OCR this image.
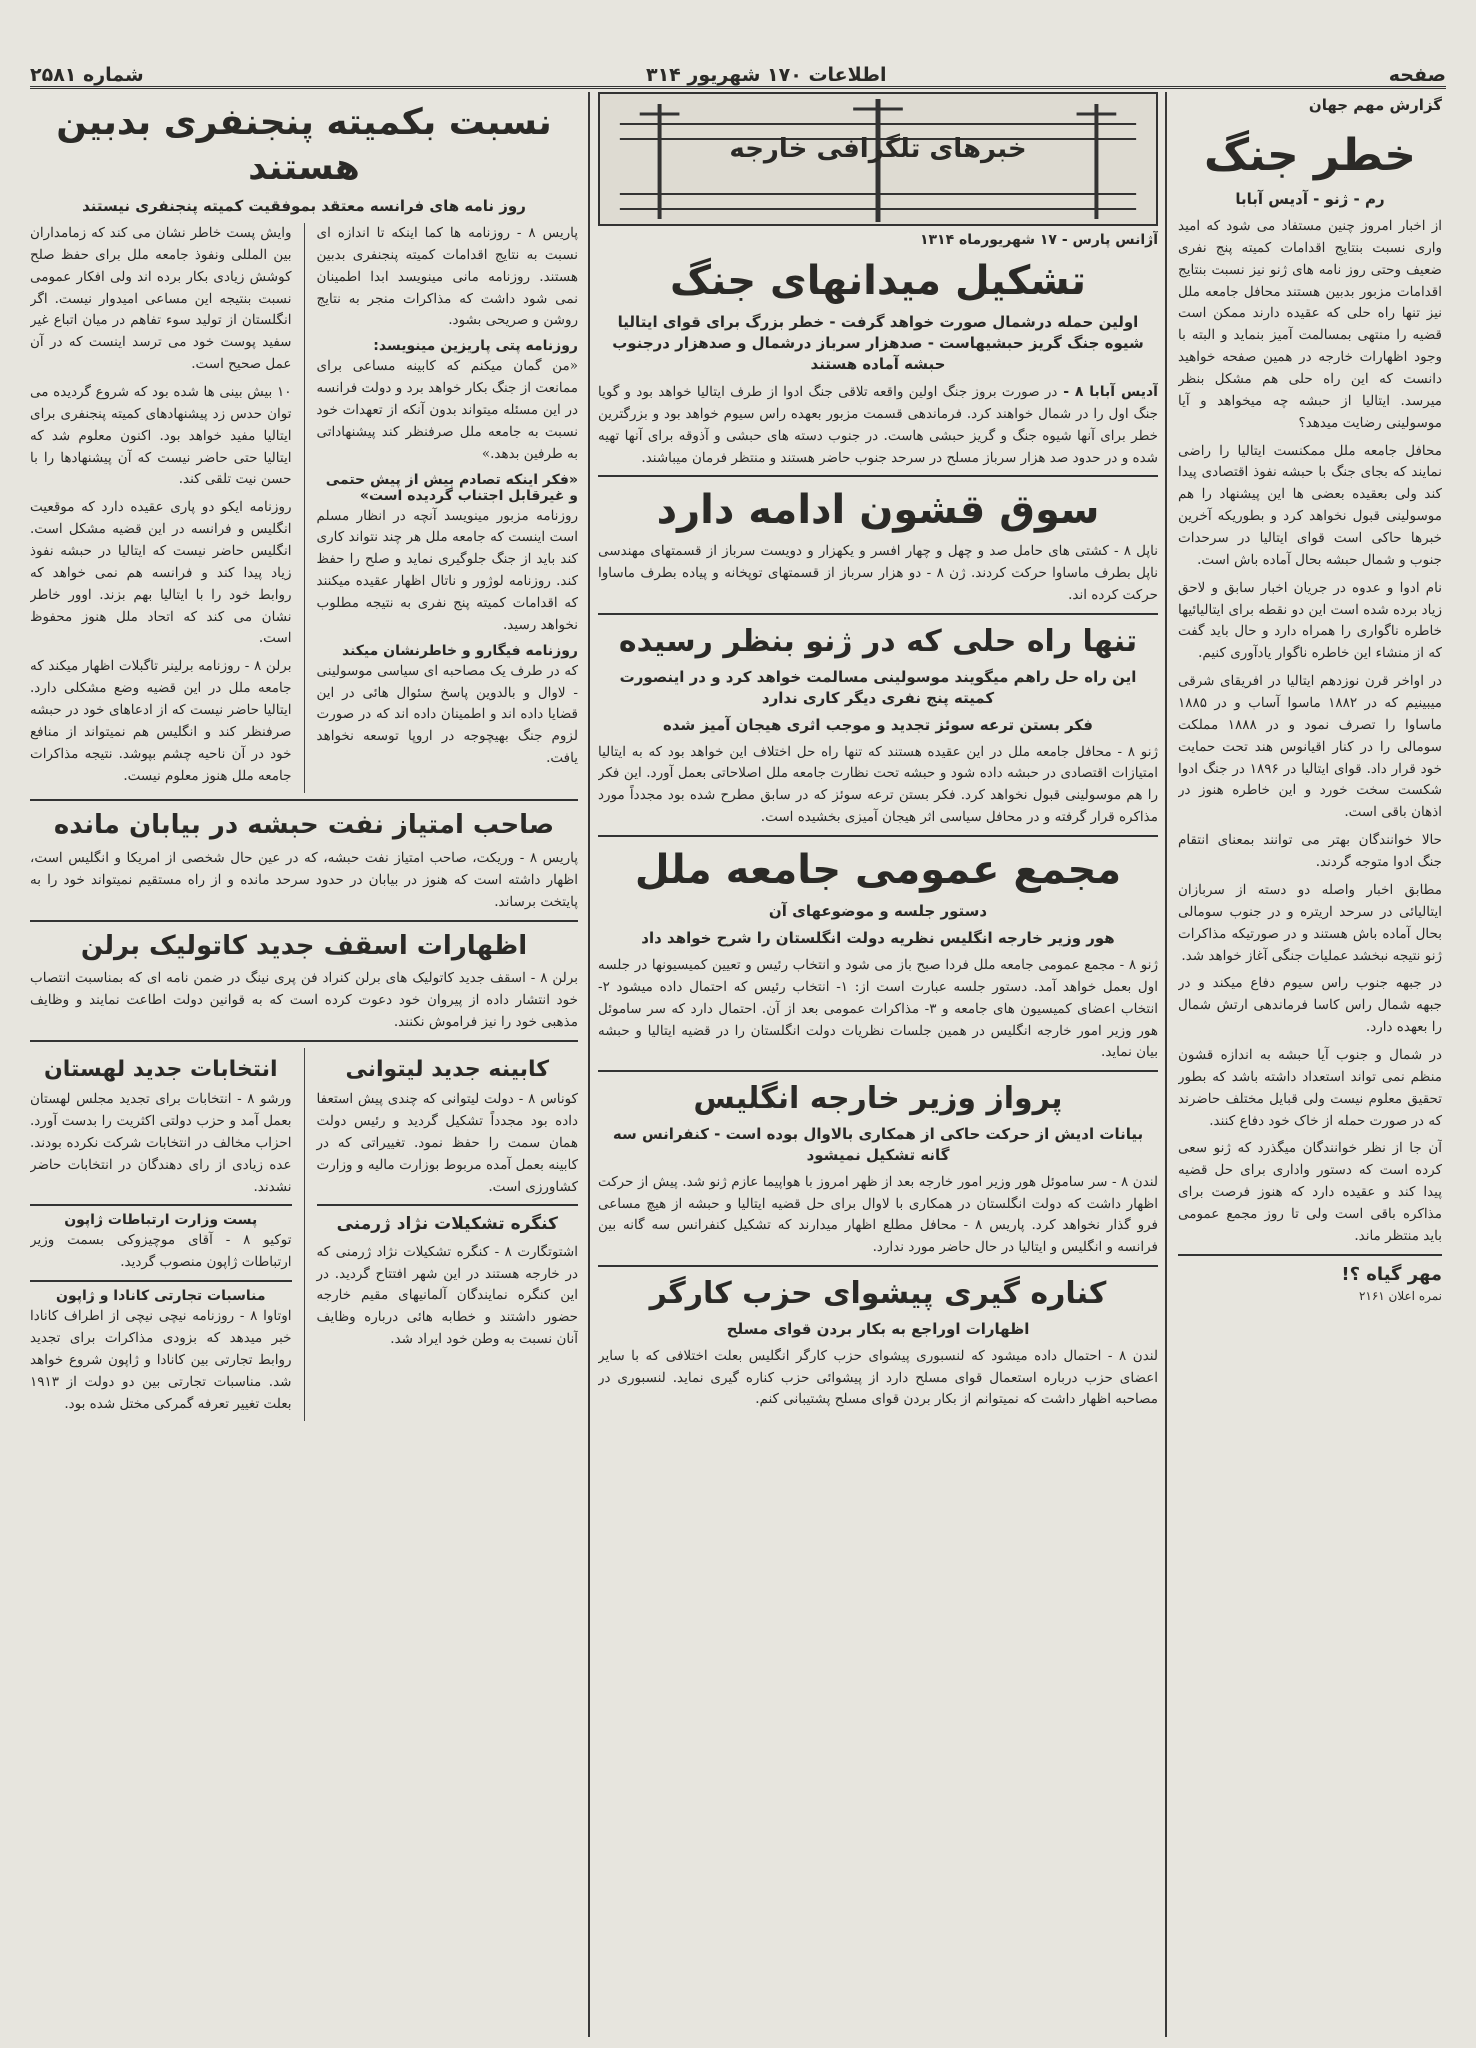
صفحه
اطلاعات ۱۷۰ شهریور ۳۱۴
شماره ۲۵۸۱
گزارش مهم جهان
خطر جنگ
رم - ژنو - آدیس آبابا

از اخبار امروز چنین مستفاد می شود که امید واری نسبت بنتایج اقدامات کمیته پنج نفری ضعیف وحتی روز نامه های ژنو نیز نسبت بنتایج اقدامات مزبور بدبین هستند محافل جامعه ملل نیز تنها راه حلی که عقیده دارند ممکن است قضیه را منتهی بمسالمت آمیز بنماید و البته با وجود اظهارات خارجه در همین صفحه خواهید دانست که این راه حلی هم مشکل بنظر میرسد. ایتالیا از حبشه چه میخواهد و آیا موسولینی رضایت میدهد؟

محافل جامعه ملل ممکنست ایتالیا را راضی نمایند که بجای جنگ با حبشه نفوذ اقتصادی پیدا کند ولی بعقیده بعضی ها این پیشنهاد را هم موسولینی قبول نخواهد کرد و بطوریکه آخرین خبرها حاکی است قوای ایتالیا در سرحدات جنوب و شمال حبشه بحال آماده باش است.

نام ادوا و عدوه در جریان اخبار سابق و لاحق زیاد برده شده است این دو نقطه برای ایتالیائیها خاطره ناگواری را همراه دارد و حال باید گفت که از منشاء این خاطره ناگوار یادآوری کنیم.

در اواخر قرن نوزدهم ایتالیا در افریقای شرقی میبینیم که در ۱۸۸۲ ماسوا آساب و در ۱۸۸۵ ماساوا را تصرف نمود و در ۱۸۸۸ مملکت سومالی را در کنار اقیانوس هند تحت حمایت خود قرار داد. قوای ایتالیا در ۱۸۹۶ در جنگ ادوا شکست سخت خورد و این خاطره هنوز در اذهان باقی است.

حالا خوانندگان بهتر می توانند بمعنای انتقام جنگ ادوا متوجه گردند.

مطابق اخبار واصله دو دسته از سربازان ایتالیائی در سرحد اریتره و در جنوب سومالی بحال آماده باش هستند و در صورتیکه مذاکرات ژنو نتیجه نبخشد عملیات جنگی آغاز خواهد شد.

در جبهه جنوب راس سیوم دفاع میکند و در جبهه شمال راس کاسا فرماندهی ارتش شمال را بعهده دارد.

در شمال و جنوب آیا حبشه به اندازه قشون منظم نمی تواند استعداد داشته باشد که بطور تحقیق معلوم نیست ولی قبایل مختلف حاضرند که در صورت حمله از خاک خود دفاع کنند.

آن جا از نظر خوانندگان میگذرد که ژنو سعی کرده است که دستور واداری برای حل قضیه پیدا کند و عقیده دارد که هنوز فرصت برای مذاکره باقی است ولی تا روز مجمع عمومی باید منتظر ماند.

مهر گیاه ؟!
نمره اعلان ۲۱۶۱
خبرهای تلگرافی خارجه
آژانس پارس - ۱۷ شهریورماه ۱۳۱۴
تشکیل میدانهای جنگ
اولین حمله درشمال صورت خواهد گرفت - خطر بزرگ برای قوای ایتالیا شیوه جنگ گریز حبشیهاست - صدهزار سرباز درشمال و صدهزار درجنوب حبشه آماده هستند

آدیس آبابا ۸ - در صورت بروز جنگ اولین واقعه تلاقی جنگ ادوا از طرف ایتالیا خواهد بود و گویا جنگ اول را در شمال خواهند کرد. فرماندهی قسمت مزبور بعهده راس سیوم خواهد بود و بزرگترین خطر برای آنها شیوه جنگ و گریز حبشی هاست. در جنوب دسته های حبشی و آذوقه برای آنها تهیه شده و در حدود صد هزار سرباز مسلح در سرحد جنوب حاضر هستند و منتظر فرمان میباشند.

سوق قشون ادامه دارد

ناپل ۸ - کشتی های حامل صد و چهل و چهار افسر و یکهزار و دویست سرباز از قسمتهای مهندسی ناپل بطرف ماساوا حرکت کردند. ژن ۸ - دو هزار سرباز از قسمتهای توپخانه و پیاده بطرف ماساوا حرکت کرده اند.

تنها راه حلی که در ژنو بنظر رسیده
این راه حل راهم میگویند موسولینی مسالمت خواهد کرد و در اینصورت کمیته پنج نفری دیگر کاری ندارد
فکر بستن ترعه سوئز تجدید و موجب اثری هیجان آمیز شده

ژنو ۸ - محافل جامعه ملل در این عقیده هستند که تنها راه حل اختلاف این خواهد بود که به ایتالیا امتیازات اقتصادی در حبشه داده شود و حبشه تحت نظارت جامعه ملل اصلاحاتی بعمل آورد. این فکر را هم موسولینی قبول نخواهد کرد. فکر بستن ترعه سوئز که در سابق مطرح شده بود مجدداً مورد مذاکره قرار گرفته و در محافل سیاسی اثر هیجان آمیزی بخشیده است.

مجمع عمومی جامعه ملل
دستور جلسه و موضوعهای آن
هور وزیر خارجه انگلیس نظریه دولت انگلستان را شرح خواهد داد

ژنو ۸ - مجمع عمومی جامعه ملل فردا صبح باز می شود و انتخاب رئیس و تعیین کمیسیونها در جلسه اول بعمل خواهد آمد. دستور جلسه عبارت است از: ۱- انتخاب رئیس که احتمال داده میشود ۲- انتخاب اعضای کمیسیون های جامعه و ۳- مذاکرات عمومی بعد از آن. احتمال دارد که سر ساموئل هور وزیر امور خارجه انگلیس در همین جلسات نظریات دولت انگلستان را در قضیه ایتالیا و حبشه بیان نماید.

پرواز وزیر خارجه انگلیس
بیانات ادیش از حرکت حاکی از همکاری بالاوال بوده است - کنفرانس سه گانه تشکیل نمیشود

لندن ۸ - سر ساموئل هور وزیر امور خارجه بعد از ظهر امروز با هواپیما عازم ژنو شد. پیش از حرکت اظهار داشت که دولت انگلستان در همکاری با لاوال برای حل قضیه ایتالیا و حبشه از هیچ مساعی فرو گذار نخواهد کرد. پاریس ۸ - محافل مطلع اظهار میدارند که تشکیل کنفرانس سه گانه بین فرانسه و انگلیس و ایتالیا در حال حاضر مورد ندارد.

کناره گیری پیشوای حزب کارگر
اظهارات اوراجع به بکار بردن قوای مسلح

لندن ۸ - احتمال داده میشود که لنسبوری پیشوای حزب کارگر انگلیس بعلت اختلافی که با سایر اعضای حزب درباره استعمال قوای مسلح دارد از پیشوائی حزب کناره گیری نماید. لنسبوری در مصاحبه اظهار داشت که نمیتوانم از بکار بردن قوای مسلح پشتیبانی کنم.

نسبت بکمیته پنجنفری بدبین هستند
روز نامه های فرانسه معتقد بموفقیت کمیته پنجنفری نیستند

پاریس ۸ - روزنامه ها کما اینکه تا اندازه ای نسبت به نتایج اقدامات کمیته پنجنفری بدبین هستند. روزنامه مانی مینویسد ابدا اطمینان نمی شود داشت که مذاکرات منجر به نتایج روشن و صریحی بشود.

روزنامه پتی پاریزین مینویسد:

«من گمان میکنم که کابینه مساعی برای ممانعت از جنگ بکار خواهد برد و دولت فرانسه در این مسئله میتواند بدون آنکه از تعهدات خود نسبت به جامعه ملل صرفنظر کند پیشنهاداتی به طرفین بدهد.»

«فکر اینکه تصادم بیش از پیش حتمی و غیرقابل اجتناب گردیده است»

روزنامه مزبور مینویسد آنچه در انظار مسلم است اینست که جامعه ملل هر چند نتواند کاری کند باید از جنگ جلوگیری نماید و صلح را حفظ کند. روزنامه لوژور و ناتال اظهار عقیده میکنند که اقدامات کمیته پنج نفری به نتیجه مطلوب نخواهد رسید.

روزنامه فیگارو و خاطرنشان میکند

که در طرف یک مصاحبه ای سیاسی موسولینی - لاوال و بالدوین پاسخ سئوال هائی در این قضایا داده اند و اطمینان داده اند که در صورت لزوم جنگ بهیچوجه در اروپا توسعه نخواهد یافت.

وایش پست خاطر نشان می کند که زمامداران بین المللی ونفوذ جامعه ملل برای حفظ صلح کوشش زیادی بکار برده اند ولی افکار عمومی نسبت بنتیجه این مساعی امیدوار نیست. اگر انگلستان از تولید سوء تفاهم در میان اتباع غیر سفید پوست خود می ترسد اینست که در آن عمل صحیح است.

۱۰ بیش بینی ها شده بود که شروع گردیده می توان حدس زد پیشنهادهای کمیته پنجنفری برای ایتالیا مفید خواهد بود. اکنون معلوم شد که ایتالیا حتی حاضر نیست که آن پیشنهادها را با حسن نیت تلقی کند.

روزنامه ایکو دو پاری عقیده دارد که موقعیت انگلیس و فرانسه در این قضیه مشکل است. انگلیس حاضر نیست که ایتالیا در حبشه نفوذ زیاد پیدا کند و فرانسه هم نمی خواهد که روابط خود را با ایتالیا بهم بزند. اوور خاطر نشان می کند که اتحاد ملل هنوز محفوظ است.

برلن ۸ - روزنامه برلینر تاگبلات اظهار میکند که جامعه ملل در این قضیه وضع مشکلی دارد. ایتالیا حاضر نیست که از ادعاهای خود در حبشه صرفنظر کند و انگلیس هم نمیتواند از منافع خود در آن ناحیه چشم بپوشد. نتیجه مذاکرات جامعه ملل هنوز معلوم نیست.

صاحب امتیاز نفت حبشه در بیابان مانده

پاریس ۸ - وریکت، صاحب امتیاز نفت حبشه، که در عین حال شخصی از امریکا و انگلیس است، اظهار داشته است که هنوز در بیابان در حدود سرحد مانده و از راه مستقیم نمیتواند خود را به پایتخت برساند.

اظهارات اسقف جدید کاتولیک برلن

برلن ۸ - اسقف جدید کاتولیک های برلن کنراد فن پری نینگ در ضمن نامه ای که بمناسبت انتصاب خود انتشار داده از پیروان خود دعوت کرده است که به قوانین دولت اطاعت نمایند و وظایف مذهبی خود را نیز فراموش نکنند.

کابینه جدید لیتوانی

کوناس ۸ - دولت لیتوانی که چندی پیش استعفا داده بود مجدداً تشکیل گردید و رئیس دولت همان سمت را حفظ نمود. تغییراتی که در کابینه بعمل آمده مربوط بوزارت مالیه و وزارت کشاورزی است.

کنگره تشکیلات نژاد ژرمنی

اشتوتگارت ۸ - کنگره تشکیلات نژاد ژرمنی که در خارجه هستند در این شهر افتتاح گردید. در این کنگره نمایندگان آلمانیهای مقیم خارجه حضور داشتند و خطابه هائی درباره وظایف آنان نسبت به وطن خود ایراد شد.

انتخابات جدید لهستان

ورشو ۸ - انتخابات برای تجدید مجلس لهستان بعمل آمد و حزب دولتی اکثریت را بدست آورد. احزاب مخالف در انتخابات شرکت نکرده بودند. عده زیادی از رای دهندگان در انتخابات حاضر نشدند.

پست وزارت ارتباطات ژاپون

توکیو ۸ - آقای موچیزوکی بسمت وزیر ارتباطات ژاپون منصوب گردید.

مناسبات تجارتی کانادا و ژاپون

اوتاوا ۸ - روزنامه نیچی نیچی از اطراف کانادا خبر میدهد که بزودی مذاکرات برای تجدید روابط تجارتی بین کانادا و ژاپون شروع خواهد شد. مناسبات تجارتی بین دو دولت از ۱۹۱۳ بعلت تغییر تعرفه گمرکی مختل شده بود.
